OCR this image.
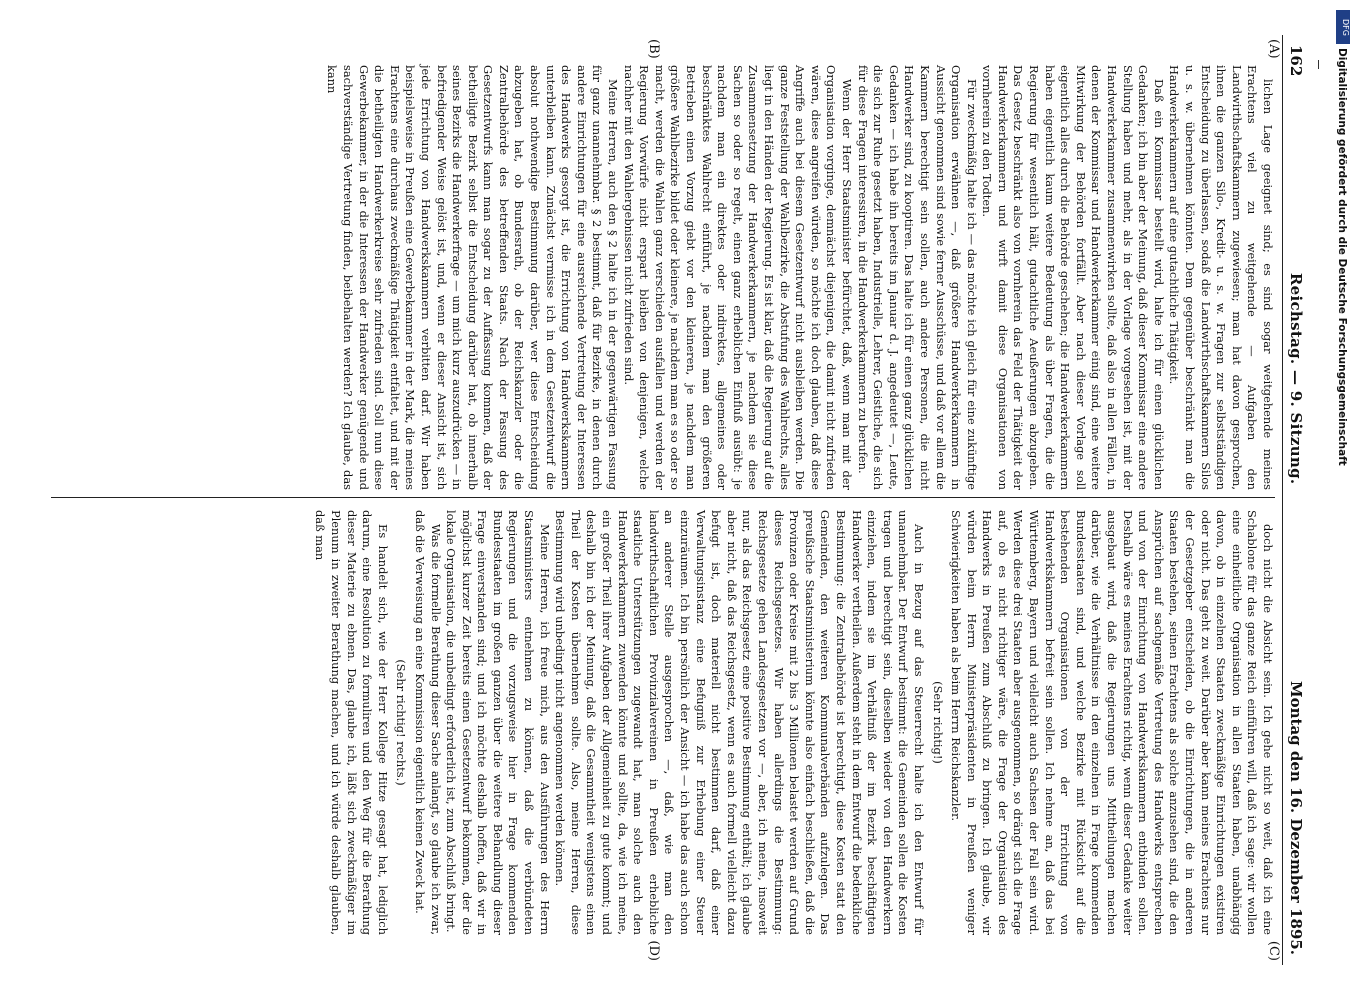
162
Reichstag. — 9. Sitzung.
Montag den 16. Dezember 1895.
(A)
(B)
(C)
(D)

lichen Lage geeignet sind; es sind sogar weitgehende meines Erachtens viel zu weitgehende — Aufgaben den Landwirthschaftskammern zugewiesen; man hat davon gesprochen, ihnen die ganzen Silo-, Kredit- u. s. w. Fragen zur selbstständigen Entscheidung zu überlassen, sodaß die Landwirthschaftskammern Silos u. s. w. übernehmen könnten. Dem gegenüber beschränkt man die Handwerkerkammern auf eine gutachtliche Thätigkeit.

Daß ein Kommissar bestellt wird, halte ich für einen glücklichen Gedanken; ich bin aber der Meinung, daß dieser Kommissar eine andere Stellung haben und mehr, als in der Vorlage vorgesehen ist, mit der Handwerkerkammer zusammenwirken sollte, daß also in allen Fällen, in denen der Kommissar und Handwerkerkammer einig sind, eine weitere Mitwirkung der Behörden fortfällt. Aber nach dieser Vorlage soll eigentlich alles durch die Behörde geschehen; die Handwerkerkammern haben eigentlich kaum weitere Bedeutung als über Fragen, die die Regierung für wesentlich hält, gutachtliche Aeußerungen abzugeben. Das Gesetz beschränkt also von vornherein das Feld der Thätigkeit der Handwerkerkammern und wirft damit diese Organisationen von vornherein zu den Todten.

Für zweckmäßig halte ich — das möchte ich gleich für eine zukünftige Organisation erwähnen —, daß größere Handwerkerkammern in Aussicht genommen sind sowie ferner Ausschüsse, und daß vor allem die Kammern berechtigt sein sollen, auch andere Personen, die nicht Handwerker sind, zu kooptiren. Das halte ich für einen ganz glücklichen Gedanken — ich habe ihn bereits im Januar d. J. angedeutet —, Leute, die sich zur Ruhe gesetzt haben, Industrielle, Lehrer, Geistliche, die sich für diese Fragen interessiren, in die Handwerkerkammern zu berufen.

Wenn der Herr Staatsminister befürchtet, daß, wenn man mit der Organisation vorginge, demnächst diejenigen, die damit nicht zufrieden wären, diese angreifen würden, so möchte ich doch glauben, daß diese Angriffe auch bei diesem Gesetzentwurf nicht ausbleiben werden. Die ganze Feststellung der Wahlbezirke, die Abstufung des Wahlrechts, alles liegt in den Händen der Regierung. Es ist klar, daß die Regierung auf die Zusammensetzung der Handwerkerkammern, je nachdem sie diese Sachen so oder so regelt, einen ganz erheblichen Einfluß ausübt: je nachdem man ein direktes oder indirektes, allgemeines oder beschränktes Wahlrecht einführt, je nachdem man den größeren Betrieben einen Vorzug giebt vor den kleineren, je nachdem man größere Wahlbezirke bildet oder kleinere, je nachdem man es so oder so macht, werden die Wahlen ganz verschieden ausfallen und werden der Regierung Vorwürfe nicht erspart bleiben von denjenigen, welche nachher mit den Wahlergebnissen nicht zufrieden sind.

Meine Herren, auch den § 2 halte ich in der gegenwärtigen Fassung für ganz unannehmbar. § 2 bestimmt, daß für Bezirke, in denen durch andere Einrichtungen für eine ausreichende Vertretung der Interessen des Handwerks gesorgt ist, die Errichtung von Handwerkskammern unterbleiben kann. Zunächst vermisse ich in dem Gesetzentwurf die absolut nothwendige Bestimmung darüber, wer diese Entscheidung abzugeben hat, ob Bundesrath, ob der Reichskanzler oder die Zentralbehörde des betreffenden Staats. Nach der Fassung des Gesetzentwurfs kann man sogar zu der Auffassung kommen, daß der betheiligte Bezirk selbst die Entscheidung darüber hat, ob innerhalb seines Bezirks die Handwerkerfrage — um mich kurz auszudrücken — in befriedigender Weise gelöst ist, und, wenn er dieser Ansicht ist, sich jede Errichtung von Handwerkskammern verbitten darf. Wir haben beispielsweise in Preußen eine Gewerbekammer in der Mark, die meines Erachtens eine durchaus zweckmäßige Thätigkeit entfaltet, und mit der die betheiligten Handwerkerkreise sehr zufrieden sind. Soll nun diese Gewerbekammer, in der die Interessen der Handwerker genügende und sachverständige Vertretung finden, beibehalten werden? Ich glaube, das kann

doch nicht die Absicht sein. Ich gehe nicht so weit, daß ich eine Schablone für das ganze Reich einführen will, daß ich sage: wir wollen eine einheitliche Organisation in allen Staaten haben, unabhängig davon, ob in einzelnen Staaten zweckmäßige Einrichtungen existiren oder nicht. Das geht zu weit. Darüber aber kann meines Erachtens nur der Gesetzgeber entscheiden, ob die Einrichtungen, die in anderen Staaten bestehen, seinen Erachtens als solche anzusehen sind, die den Ansprüchen auf sachgemäße Vertretung des Handwerks entsprechen und von der Einrichtung von Handwerkskammern entbinden sollen. Deshalb wäre es meines Erachtens richtig, wenn dieser Gedanke weiter ausgebaut wird, daß die Regierungen uns Mittheilungen machen darüber, wie die Verhältnisse in den einzelnen in Frage kommenden Bundesstaaten sind, und welche Bezirke mit Rücksicht auf die bestehenden Organisationen von der Errichtung von Handwerkskammern befreit sein sollen. Ich nehme an, daß das bei Württemberg, Bayern und vielleicht auch Sachsen der Fall sein wird. Werden diese drei Staaten aber ausgenommen, so drängt sich die Frage auf, ob es nicht richtiger wäre, die Frage der Organisation des Handwerks in Preußen zum Abschluß zu bringen. Ich glaube, wir würden beim Herrn Ministerpräsidenten in Preußen weniger Schwierigkeiten haben als beim Herrn Reichskanzler.

(Sehr richtig!)

Auch in Bezug auf das Steuerrecht halte ich den Entwurf für unannehmbar. Der Entwurf bestimmt: die Gemeinden sollen die Kosten tragen und berechtigt sein, dieselben wieder von den Handwerkern einziehen, indem sie im Verhältniß der im Bezirk beschäftigten Handwerker vertheilen. Außerdem steht in dem Entwurf die bedenkliche Bestimmung: die Zentralbehörde ist berechtigt, diese Kosten statt den Gemeinden, den weiteren Kommunalverbänden aufzulegen. Das preußische Staatsministerium könnte also einfach beschließen, daß die Provinzen oder Kreise mit 2 bis 3 Millionen belastet werden auf Grund dieses Reichsgesetzes. Wir haben allerdings die Bestimmung: Reichsgesetze gehen Landesgesetzen vor —, aber, ich meine, insoweit nur, als das Reichsgesetz eine positive Bestimmung enthält; ich glaube aber nicht, daß das Reichsgesetz, wenn es auch formell vielleicht dazu befugt ist, doch materiell nicht bestimmen darf, daß einer Verwaltungsinstanz eine Befugniß zur Erhebung einer Steuer einzuräumen. Ich bin persönlich der Ansicht — ich habe das auch schon an anderer Stelle ausgesprochen —, daß, wie man den landwirthschaftlichen Provinzialvereinen in Preußen erhebliche staatliche Unterstützungen zugewandt hat, man solche auch den Handwerkerkammern zuwenden könnte und sollte, da, wie ich meine, ein großer Theil ihrer Aufgaben der Allgemeinheit zu gute kommt; und deshalb bin ich der Meinung, daß die Gesammtheit wenigstens einen Theil der Kosten übernehmen sollte. Also, meine Herren, diese Bestimmung wird unbedingt nicht angenommen werden können.

Meine Herren, ich freue mich, aus den Ausführungen des Herrn Staatsministers entnehmen zu können, daß die verbündeten Regierungen und die vorzugsweise hier in Frage kommenden Bundesstaaten im großen ganzen über die weitere Behandlung dieser Frage einverstanden sind; und ich möchte deshalb hoffen, daß wir in möglichst kurzer Zeit bereits einen Gesetzentwurf bekommen, der die lokale Organisation, die unbedingt erforderlich ist, zum Abschluß bringt.

Was die formelle Berathung dieser Sache anlangt, so glaube ich zwar, daß die Verweisung an eine Kommission eigentlich keinen Zweck hat.

(Sehr richtig! rechts.)

Es handelt sich, wie der Herr Kollege Hitze gesagt hat, lediglich darum, eine Resolution zu formuliren und den Weg für die Berathung dieser Materie zu ebnen. Das, glaube ich, läßt sich zweckmäßiger im Plenum in zweiter Berathung machen, und ich würde deshalb glauben, daß man

DFG
Digitalisierung gefördert durch die Deutsche Forschungsgemeinschaft
